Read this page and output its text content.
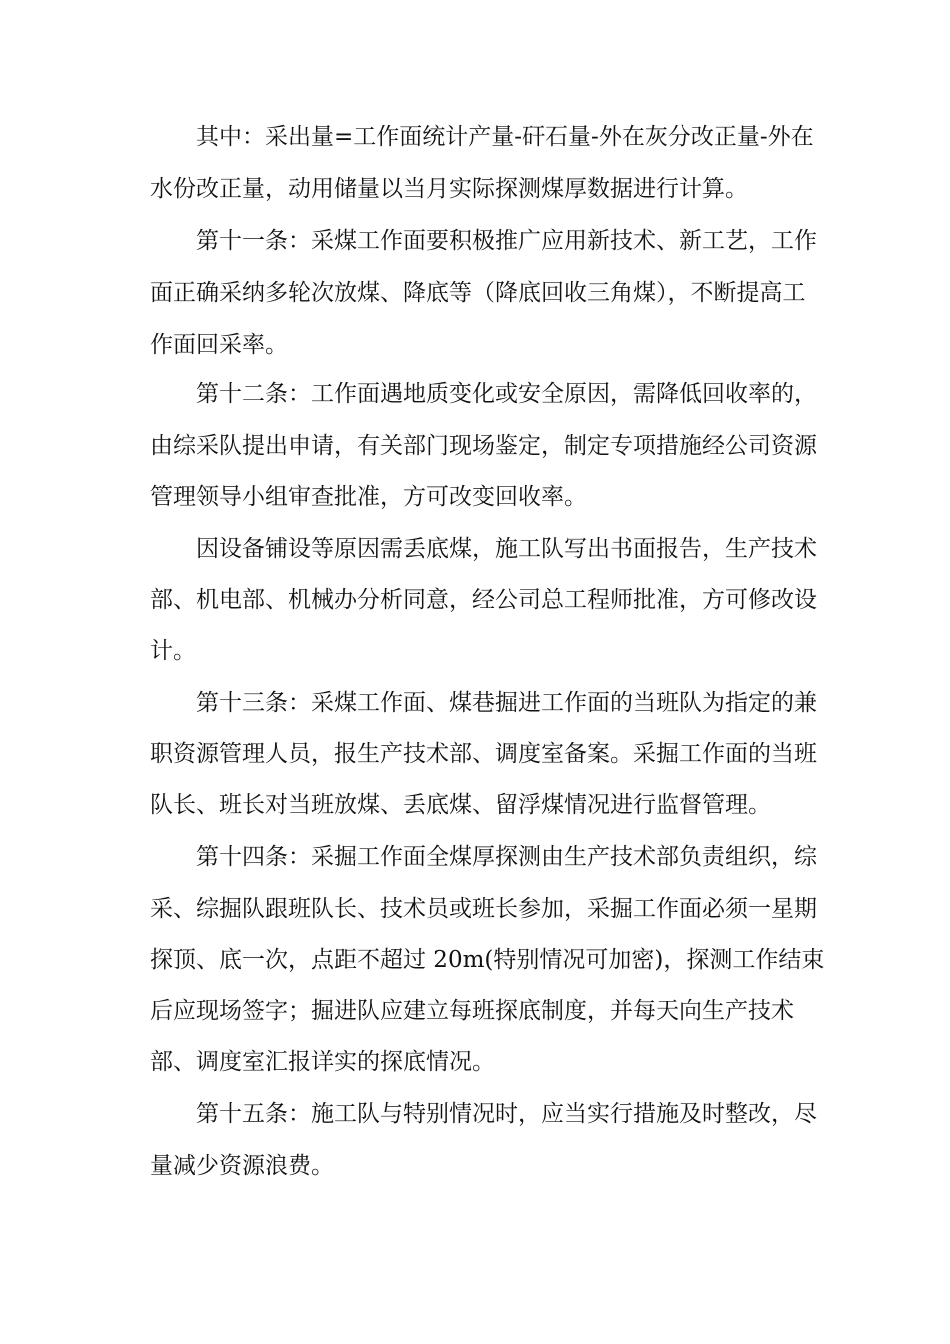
其中：采出量=工作面统计产量-矸石量-外在灰分改正量-外在
水份改正量，动用储量以当月实际探测煤厚数据进行计算。
第十一条：采煤工作面要积极推广应用新技术、新工艺，工作
面正确采纳多轮次放煤、降底等（降底回收三角煤），不断提高工
作面回采率。
第十二条：工作面遇地质变化或安全原因，需降低回收率的，
由综采队提出申请，有关部门现场鉴定，制定专项措施经公司资源
管理领导小组审查批准，方可改变回收率。
因设备铺设等原因需丢底煤，施工队写出书面报告，生产技术
部、机电部、机械办分析同意，经公司总工程师批准，方可修改设
计。
第十三条：采煤工作面、煤巷掘进工作面的当班队为指定的兼
职资源管理人员，报生产技术部、调度室备案。采掘工作面的当班
队长、班长对当班放煤、丢底煤、留浮煤情况进行监督管理。
第十四条：采掘工作面全煤厚探测由生产技术部负责组织，综
采、综掘队跟班队长、技术员或班长参加，采掘工作面必须一星期
探顶、底一次，点距不超过 20m(特别情况可加密)，探测工作结束
后应现场签字；掘进队应建立每班探底制度，并每天向生产技术
部、调度室汇报详实的探底情况。
第十五条：施工队与特别情况时，应当实行措施及时整改，尽
量减少资源浪费。
